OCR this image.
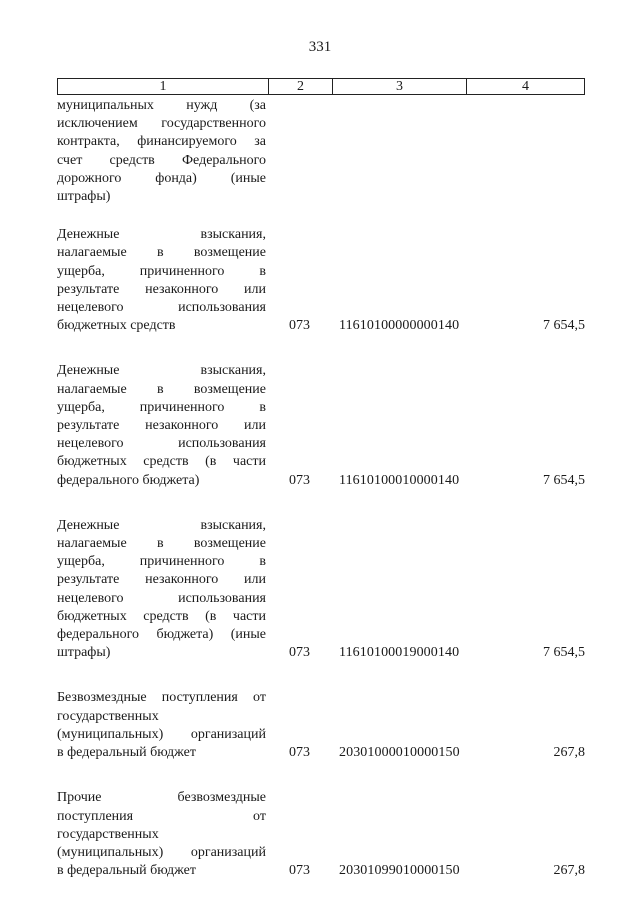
331
1	2	3	4
муниципальных нужд (за
исключением государственного
контракта, финансируемого за
счет средств Федерального
дорожного фонда) (иные
штрафы)
Денежные взыскания,
налагаемые в возмещение
ущерба, причиненного в
результате незаконного или
нецелевого использования
бюджетных средств	073 11610100000000140	7 654,5
Денежные взыскания,
налагаемые в возмещение
ущерба, причиненного в
результате незаконного или
нецелевого использования
бюджетных средств (в части
федерального бюджета)	073 11610100010000140	7 654,5
Денежные взыскания,
налагаемые в возмещение
ущерба, причиненного в
результате незаконного или
нецелевого использования
бюджетных средств (в части
федерального бюджета) (иные
штрафы)	073 11610100019000140	7 654,5
Безвозмездные поступления от
государственных
(муниципальных) организаций
в федеральный бюджет	073 20301000010000150	267,8
Прочие безвозмездные
поступления от
государственных
(муниципальных) организаций
в федеральный бюджет	073 20301099010000150	267,8
